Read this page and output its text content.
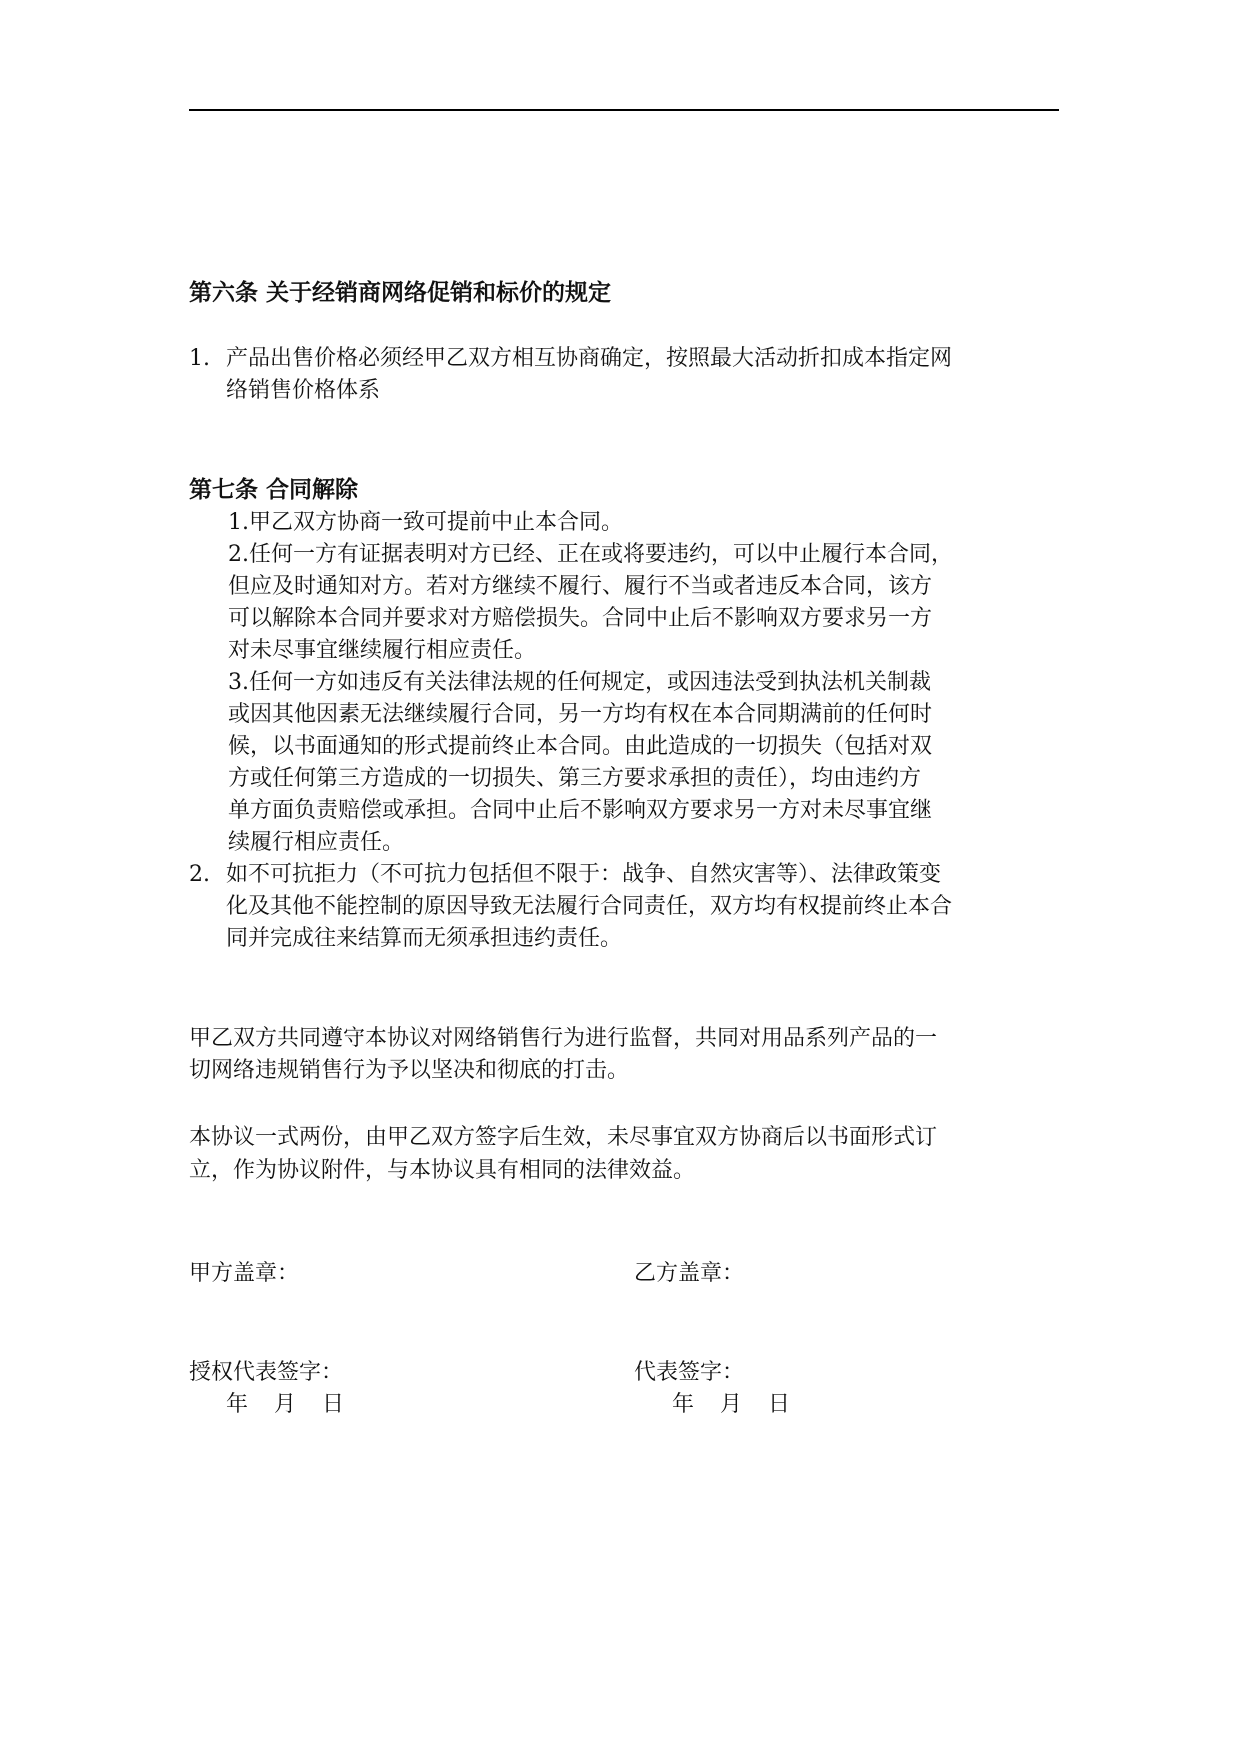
第六条 关于经销商网络促销和标价的规定
1. 产品出售价格必须经甲乙双方相互协商确定，按照最大活动折扣成本指定网
络销售价格体系
第七条 合同解除
1.甲乙双方协商一致可提前中止本合同。
2.任何一方有证据表明对方已经、正在或将要违约，可以中止履行本合同，
但应及时通知对方。若对方继续不履行、履行不当或者违反本合同，该方
可以解除本合同并要求对方赔偿损失。合同中止后不影响双方要求另一方
对未尽事宜继续履行相应责任。
3.任何一方如违反有关法律法规的任何规定，或因违法受到执法机关制裁
或因其他因素无法继续履行合同，另一方均有权在本合同期满前的任何时
候，以书面通知的形式提前终止本合同。由此造成的一切损失（包括对双
方或任何第三方造成的一切损失、第三方要求承担的责任），均由违约方
单方面负责赔偿或承担。合同中止后不影响双方要求另一方对未尽事宜继
续履行相应责任。
2. 如不可抗拒力（不可抗力包括但不限于：战争、自然灾害等）、法律政策变
化及其他不能控制的原因导致无法履行合同责任，双方均有权提前终止本合
同并完成往来结算而无须承担违约责任。
甲乙双方共同遵守本协议对网络销售行为进行监督，共同对用品系列产品的一
切网络违规销售行为予以坚决和彻底的打击。
本协议一式两份，由甲乙双方签字后生效，未尽事宜双方协商后以书面形式订
立，作为协议附件，与本协议具有相同的法律效益。
甲方盖章：	乙方盖章：
授权代表签字：	代表签字：
年 月 日	年 月 日
